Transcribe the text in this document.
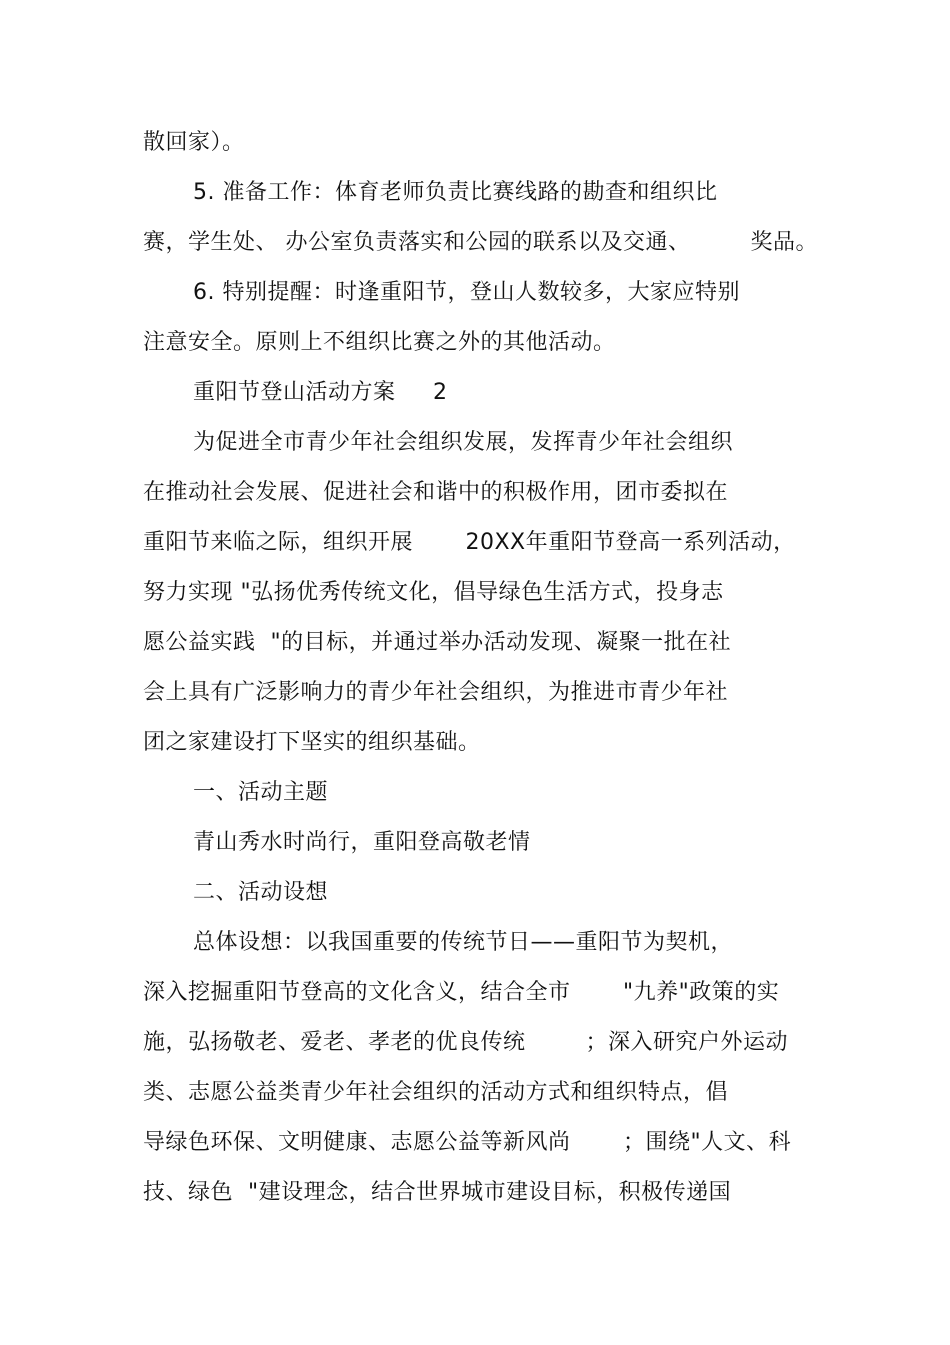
散回家）。
5. 准备工作：体育老师负责比赛线路的勘查和组织比
赛，学生处、 办公室负责落实和公园的联系以及交通、        奖品。
6. 特别提醒：时逢重阳节，登山人数较多，大家应特别
注意安全。原则上不组织比赛之外的其他活动。
重阳节登山活动方案     2
为促进全市青少年社会组织发展，发挥青少年社会组织
在推动社会发展、促进社会和谐中的积极作用，团市委拟在
重阳节来临之际，组织开展       20XX年重阳节登高一系列活动，
努力实现 "弘扬优秀传统文化，倡导绿色生活方式，投身志
愿公益实践  "的目标，并通过举办活动发现、凝聚一批在社
会上具有广泛影响力的青少年社会组织，为推进市青少年社
团之家建设打下坚实的组织基础。
一、活动主题
青山秀水时尚行，重阳登高敬老情
二、活动设想
总体设想：以我国重要的传统节日——重阳节为契机，
深入挖掘重阳节登高的文化含义，结合全市       "九养"政策的实
施，弘扬敬老、爱老、孝老的优良传统        ；深入研究户外运动
类、志愿公益类青少年社会组织的活动方式和组织特点，倡
导绿色环保、文明健康、志愿公益等新风尚       ；围绕"人文、科
技、绿色  "建设理念，结合世界城市建设目标，积极传递国
